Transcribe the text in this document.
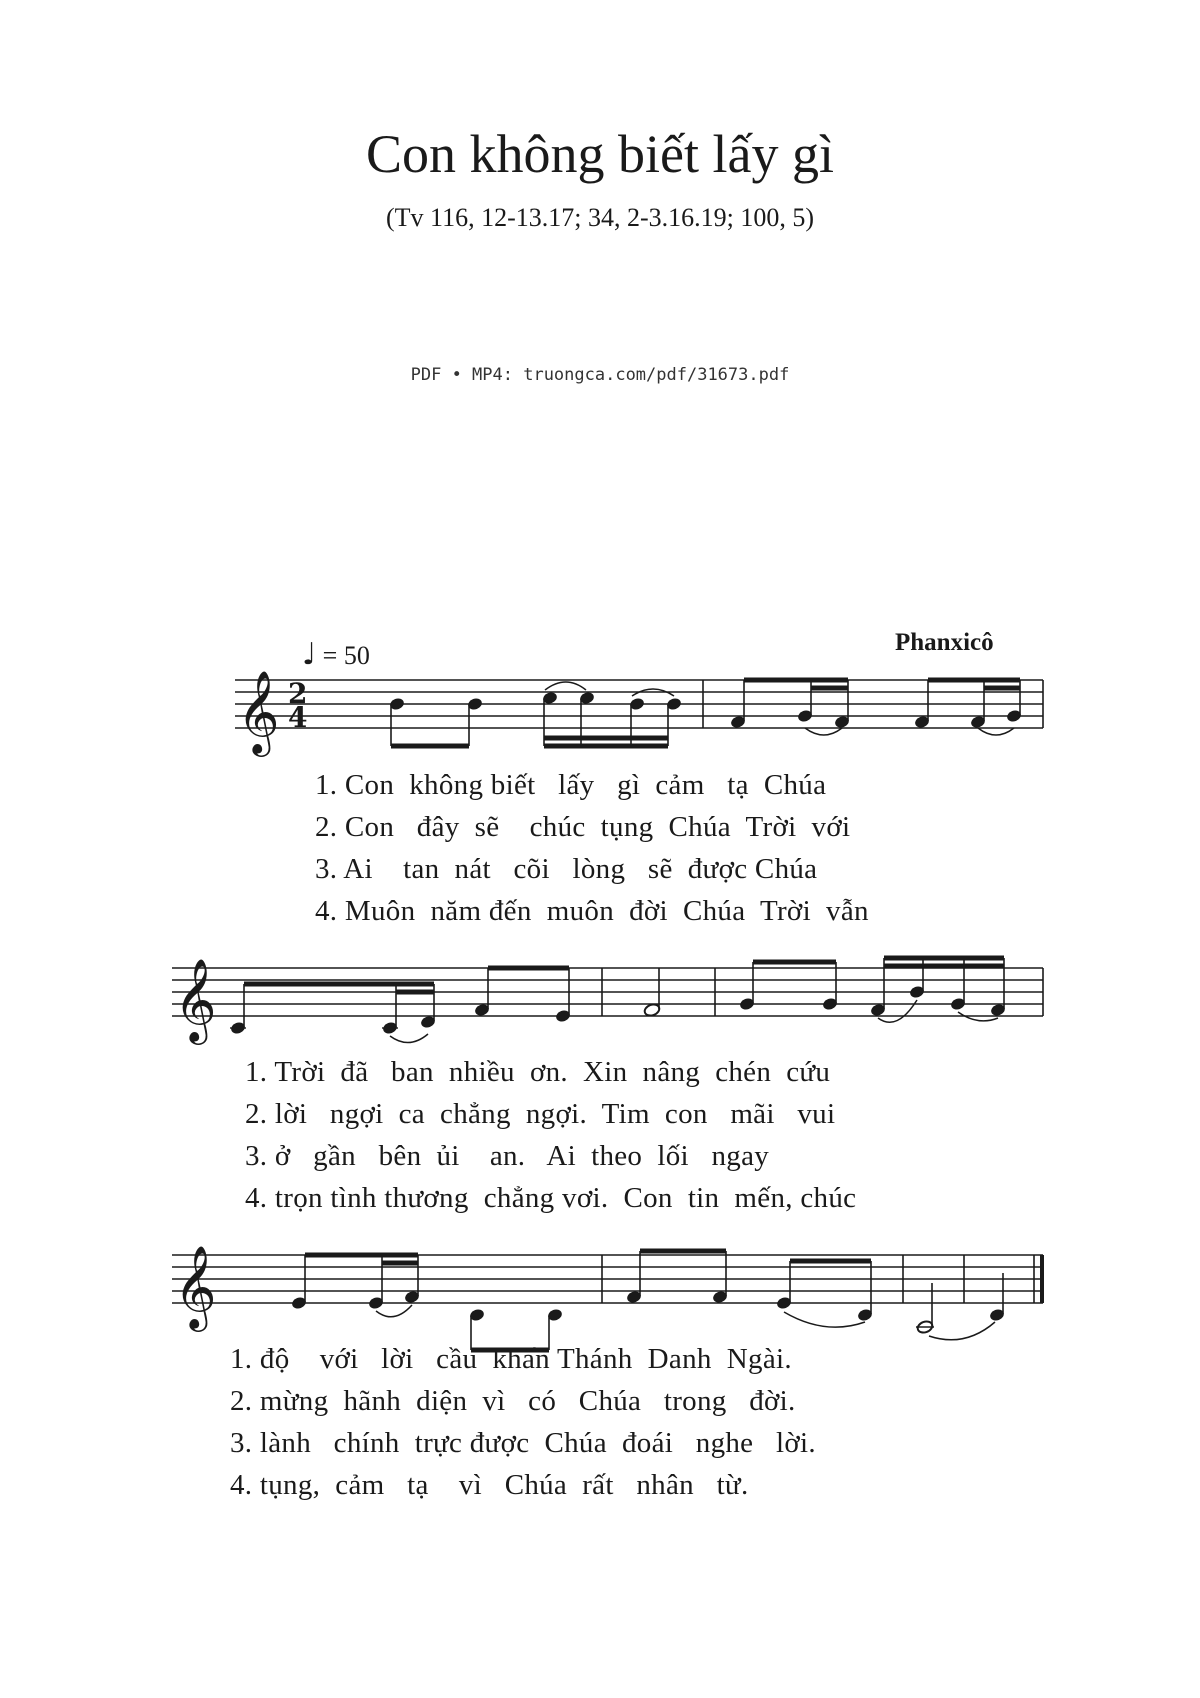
Con không biết lấy gì
(Tv 116, 12-13.17; 34, 2-3.16.19; 100, 5)
PDF • MP4: truongca.com/pdf/31673.pdf
Phanxicô
♩ = 50
𝄞 2
4
𝄞
𝄞
1. Con  không biết   lấy   gì  cảm   tạ  Chúa
2. Con   đây  sẽ    chúc  tụng  Chúa  Trời  với
3. Ai    tan  nát   cõi   lòng   sẽ  được Chúa
4. Muôn  năm đến  muôn  đời  Chúa  Trời  vẫn
1. Trời  đã   ban  nhiều  ơn.  Xin  nâng  chén  cứu
2. lời   ngợi  ca  chẳng  ngợi.  Tim  con   mãi   vui
3. ở   gần   bên  ủi    an.   Ai  theo  lối   ngay
4. trọn tình thương  chẳng vơi.  Con  tin  mến, chúc
1. độ    với   lời   cầu  khấn Thánh  Danh  Ngài.
2. mừng  hãnh  diện  vì   có   Chúa   trong   đời.
3. lành   chính  trực được  Chúa  đoái   nghe   lời.
4. tụng,  cảm   tạ    vì   Chúa  rất   nhân   từ.
